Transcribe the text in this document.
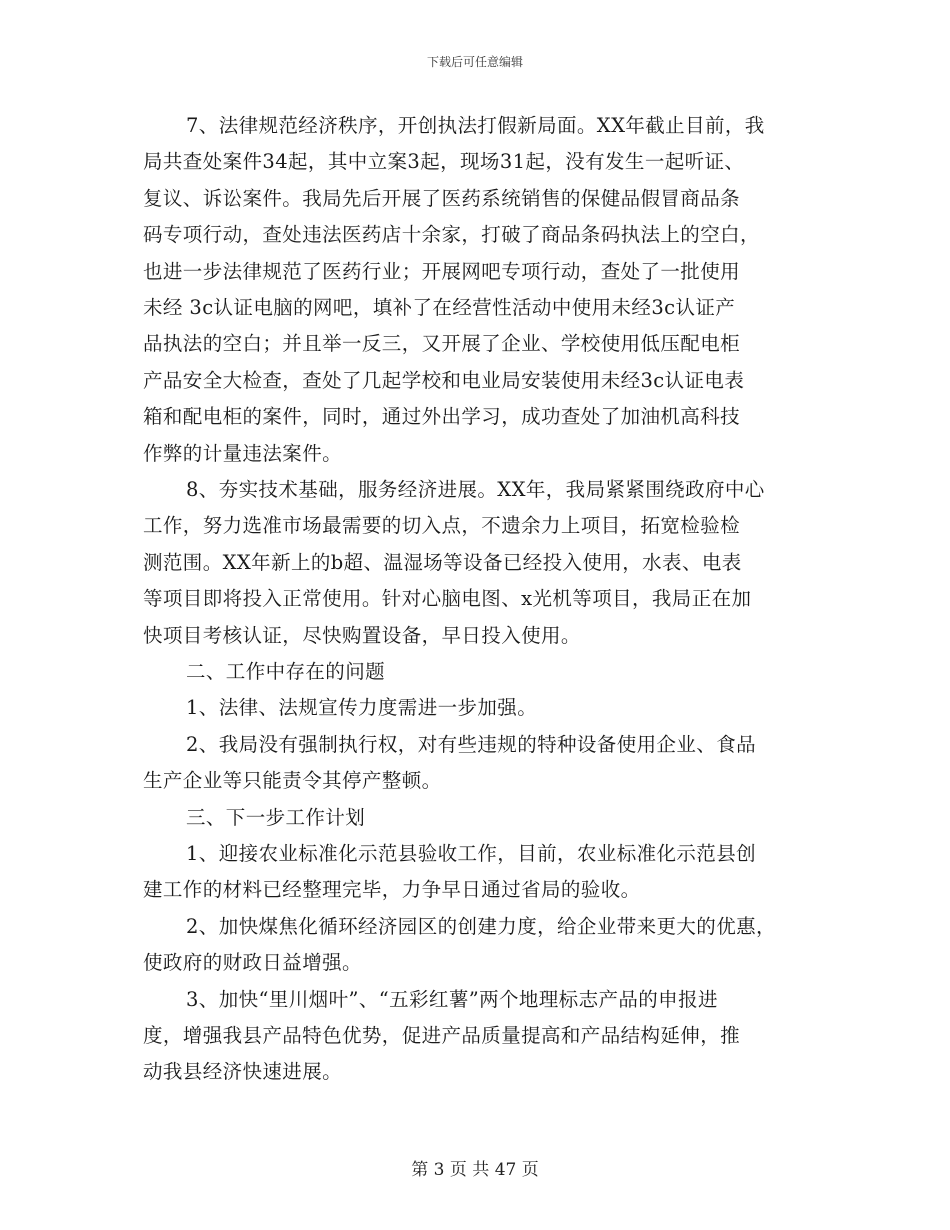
下载后可任意编辑
7、法律规范经济秩序，开创执法打假新局面。XX年截止目前，我
局共查处案件34起，其中立案3起，现场31起，没有发生一起听证、
复议、诉讼案件。我局先后开展了医药系统销售的保健品假冒商品条
码专项行动，查处违法医药店十余家，打破了商品条码执法上的空白，
也进一步法律规范了医药行业；开展网吧专项行动，查处了一批使用
未经 3c认证电脑的网吧，填补了在经营性活动中使用未经3c认证产
品执法的空白；并且举一反三，又开展了企业、学校使用低压配电柜
产品安全大检查，查处了几起学校和电业局安装使用未经3c认证电表
箱和配电柜的案件，同时，通过外出学习，成功查处了加油机高科技
作弊的计量违法案件。
8、夯实技术基础，服务经济进展。XX年，我局紧紧围绕政府中心
工作，努力选准市场最需要的切入点，不遗余力上项目，拓宽检验检
测范围。XX年新上的b超、温湿场等设备已经投入使用，水表、电表
等项目即将投入正常使用。针对心脑电图、x光机等项目，我局正在加
快项目考核认证，尽快购置设备，早日投入使用。
二、工作中存在的问题
1、法律、法规宣传力度需进一步加强。
2、我局没有强制执行权，对有些违规的特种设备使用企业、食品
生产企业等只能责令其停产整顿。
三、下一步工作计划
1、迎接农业标准化示范县验收工作，目前，农业标准化示范县创
建工作的材料已经整理完毕，力争早日通过省局的验收。
2、加快煤焦化循环经济园区的创建力度，给企业带来更大的优惠，
使政府的财政日益增强。
3、加快“里川烟叶”、“五彩红薯”两个地理标志产品的申报进
度，增强我县产品特色优势，促进产品质量提高和产品结构延伸，推
动我县经济快速进展。
第 3 页 共 47 页
